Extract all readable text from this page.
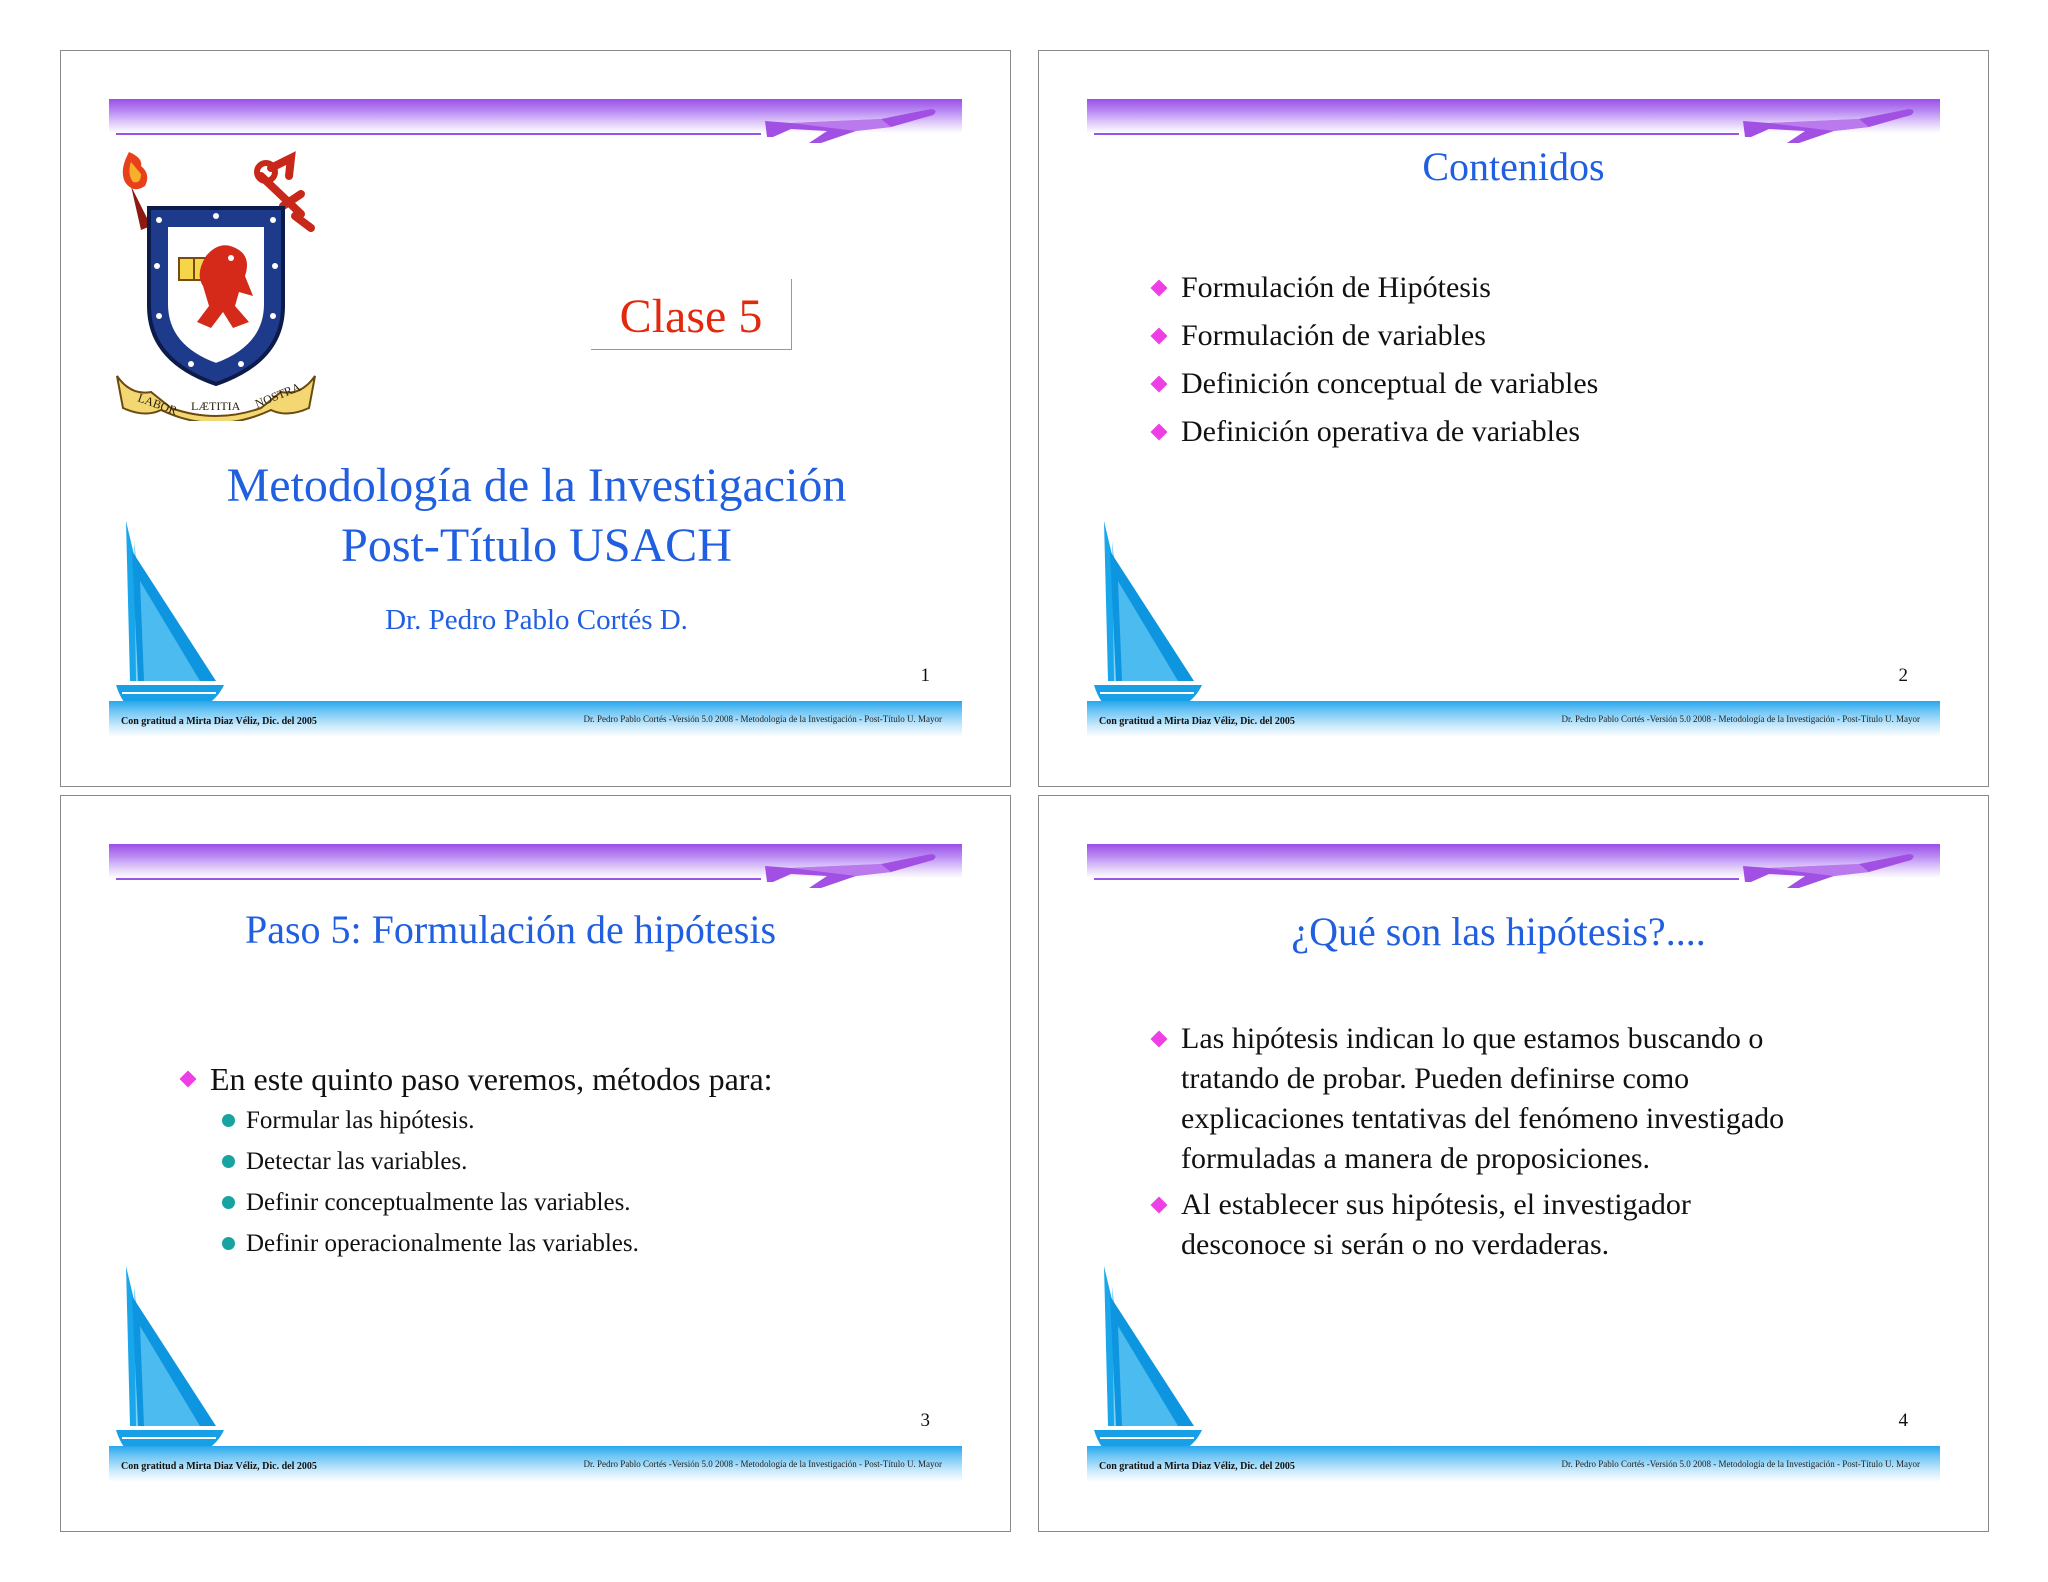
LABOR LÆTITIA NOSTRA
Clase 5
Metodología de la Investigación
Post-Título USACH
Dr. Pedro Pablo Cortés D.
1
Con gratitud a Mirta Diaz Véliz, Dic. del 2005	Dr. Pedro Pablo Cortés -Versión 5.0 2008 - Metodología de la Investigación - Post-Título U. Mayor
Contenidos
Formulación de Hipótesis
Formulación de variables
Definición conceptual de variables
Definición operativa de variables
2
Con gratitud a Mirta Diaz Véliz, Dic. del 2005	Dr. Pedro Pablo Cortés -Versión 5.0 2008 - Metodología de la Investigación - Post-Título U. Mayor
Paso 5: Formulación de hipótesis
En este quinto paso veremos, métodos para:
Formular las hipótesis.
Detectar las variables.
Definir conceptualmente las variables.
Definir operacionalmente las variables.
3
Con gratitud a Mirta Diaz Véliz, Dic. del 2005	Dr. Pedro Pablo Cortés -Versión 5.0 2008 - Metodología de la Investigación - Post-Título U. Mayor
¿Qué son las hipótesis?....
Las hipótesis indican lo que estamos buscando o
tratando de probar. Pueden definirse como
explicaciones tentativas del fenómeno investigado
formuladas a manera de proposiciones.
Al establecer sus hipótesis, el investigador
desconoce si serán o no verdaderas.
4
Con gratitud a Mirta Diaz Véliz, Dic. del 2005	Dr. Pedro Pablo Cortés -Versión 5.0 2008 - Metodología de la Investigación - Post-Título U. Mayor
